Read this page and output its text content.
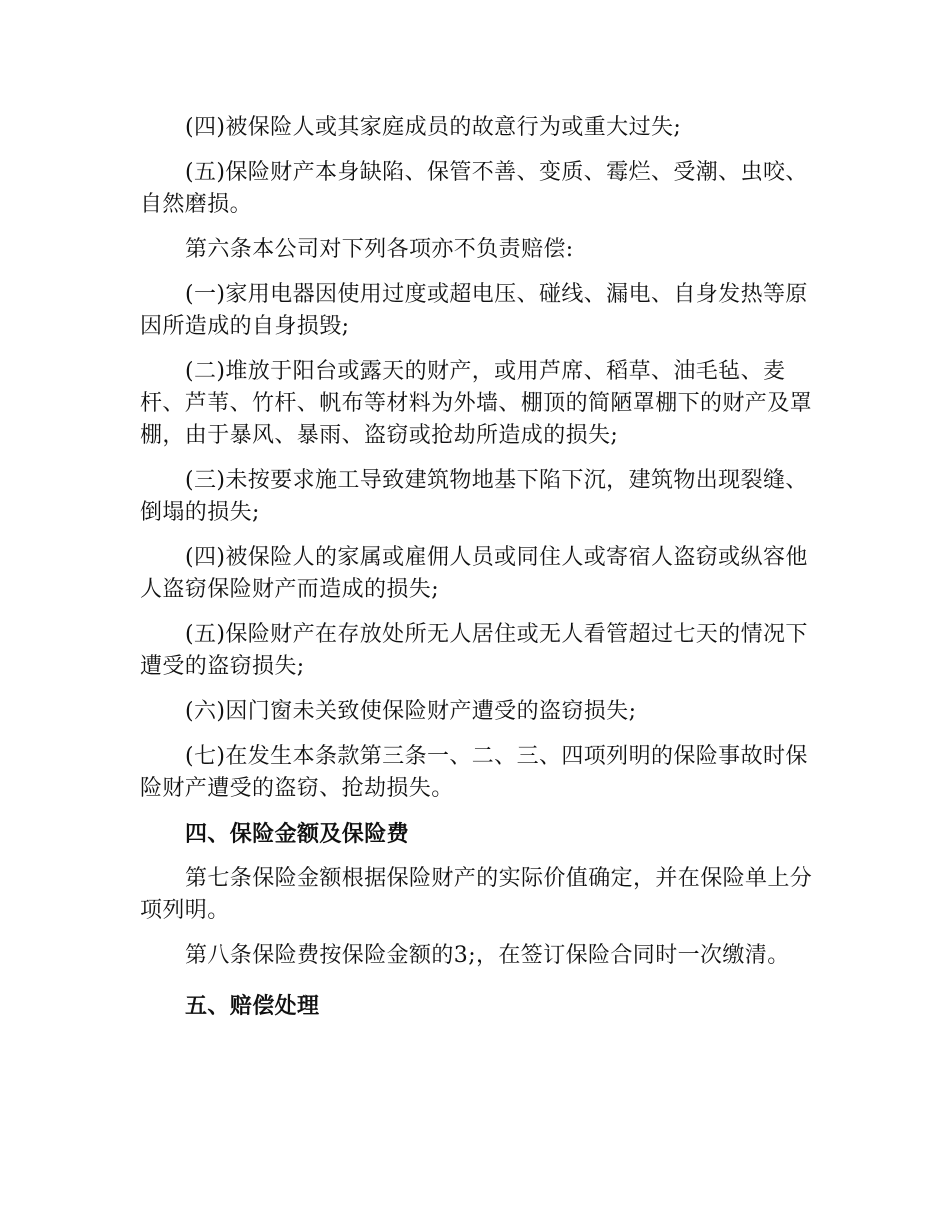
(四)被保险人或其家庭成员的故意行为或重大过失;

(五)保险财产本身缺陷、保管不善、变质、霉烂、受潮、虫咬、自然磨损。

第六条本公司对下列各项亦不负责赔偿:

(一)家用电器因使用过度或超电压、碰线、漏电、自身发热等原因所造成的自身损毁;

(二)堆放于阳台或露天的财产，或用芦席、稻草、油毛毡、麦杆、芦苇、竹杆、帆布等材料为外墙、棚顶的简陋罩棚下的财产及罩棚，由于暴风、暴雨、盗窃或抢劫所造成的损失;

(三)未按要求施工导致建筑物地基下陷下沉，建筑物出现裂缝、倒塌的损失;

(四)被保险人的家属或雇佣人员或同住人或寄宿人盗窃或纵容他人盗窃保险财产而造成的损失;

(五)保险财产在存放处所无人居住或无人看管超过七天的情况下遭受的盗窃损失;

(六)因门窗未关致使保险财产遭受的盗窃损失;

(七)在发生本条款第三条一、二、三、四项列明的保险事故时保险财产遭受的盗窃、抢劫损失。

四、保险金额及保险费

第七条保险金额根据保险财产的实际价值确定，并在保险单上分项列明。

第八条保险费按保险金额的3;，在签订保险合同时一次缴清。

五、赔偿处理
